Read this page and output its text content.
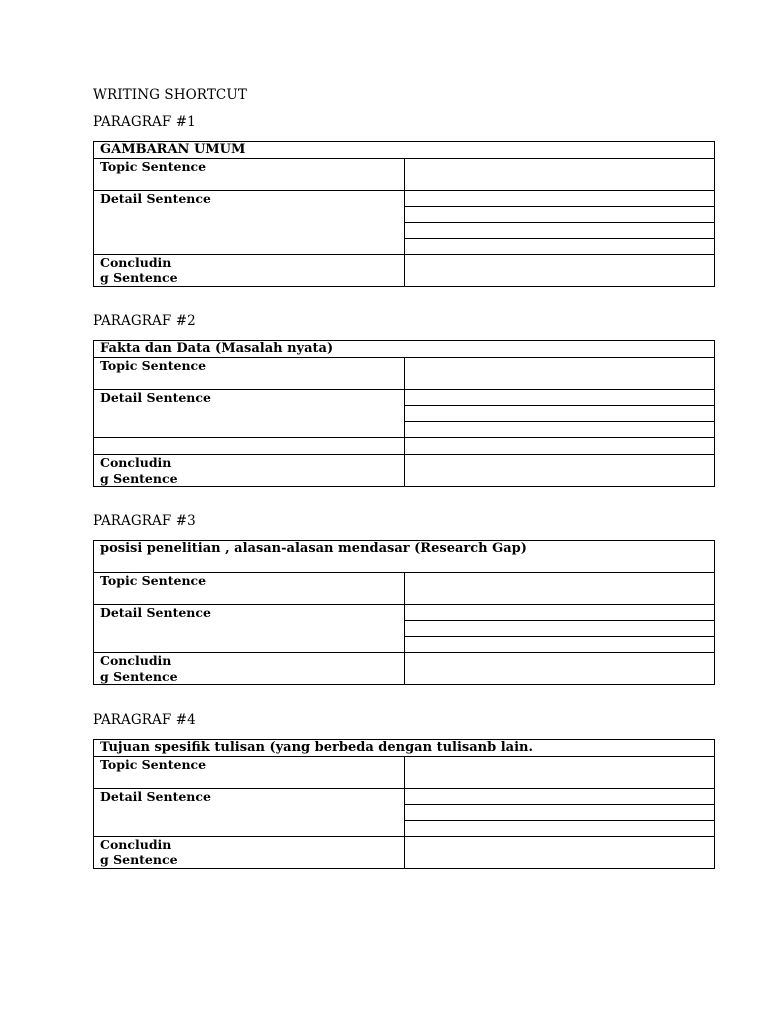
WRITING SHORTCUT
PARAGRAF #1
GAMBARAN UMUM	
Topic Sentence	
Detail Sentence	

Concludin
g Sentence	
PARAGRAF #2
Fakta dan Data (Masalah nyata)	
Topic Sentence	
Detail Sentence	

Concludin
g Sentence	
PARAGRAF #3
posisi penelitian , alasan-alasan mendasar (Research Gap)	
Topic Sentence	
Detail Sentence	

Concludin
g Sentence	
PARAGRAF #4
Tujuan spesifik tulisan (yang berbeda dengan tulisanb lain.	
Topic Sentence	
Detail Sentence	

Concludin
g Sentence	
